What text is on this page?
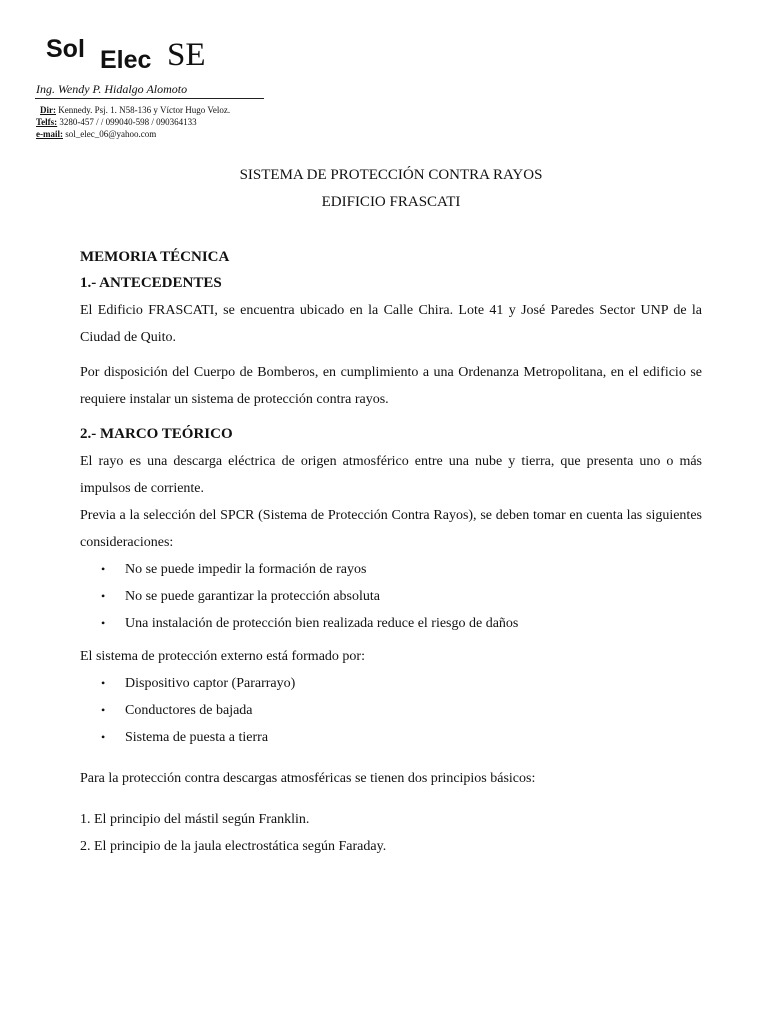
Sol Elec SE
Ing. Wendy P. Hidalgo Alomoto
Dir: Kennedy. Psj. 1. N58-136 y Víctor Hugo Veloz.
Telfs: 3280-457 / / 099040-598 / 090364133
e-mail: sol_elec_06@yahoo.com
SISTEMA DE PROTECCIÓN CONTRA RAYOS
EDIFICIO FRASCATI
MEMORIA TÉCNICA
1.- ANTECEDENTES
El Edificio FRASCATI, se encuentra ubicado en la Calle Chira. Lote 41 y José Paredes Sector UNP de la Ciudad de Quito.
Por disposición del Cuerpo de Bomberos, en cumplimiento a una Ordenanza Metropolitana, en el edificio se requiere instalar un sistema de protección contra rayos.
2.- MARCO TEÓRICO
El rayo es una descarga eléctrica de origen atmosférico entre una nube y tierra, que presenta uno o más impulsos de corriente.
Previa a la selección del SPCR (Sistema de Protección Contra Rayos), se deben tomar en cuenta las siguientes consideraciones:
• No se puede impedir la formación de rayos
• No se puede garantizar la protección absoluta
• Una instalación de protección bien realizada reduce el riesgo de daños
El sistema de protección externo está formado por:
• Dispositivo captor (Pararrayo)
• Conductores de bajada
• Sistema de puesta a tierra
Para la protección contra descargas atmosféricas se tienen dos principios básicos:
1. El principio del mástil según Franklin.
2. El principio de la jaula electrostática según Faraday.
